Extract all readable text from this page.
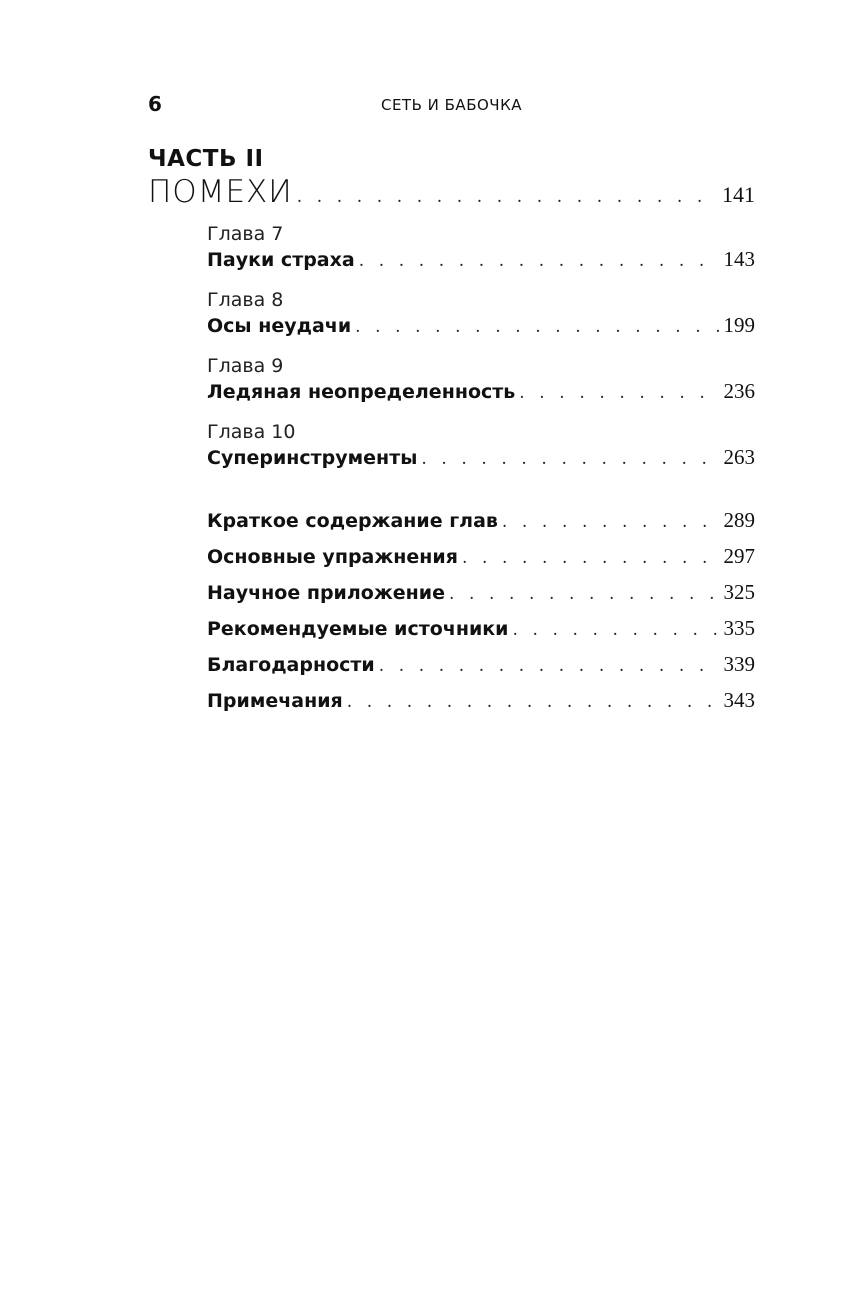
6	СЕТЬ И БАБОЧКА
ЧАСТЬ II
ПОМЕХИ . . .	141
Глава 7
Пауки страха . . .	143
Глава 8
Осы неудачи . . .	199
Глава 9
Ледяная неопределенность . . .	236
Глава 10
Суперинструменты . . .	263
Краткое содержание глав . . .	289
Основные упражнения . . .	297
Научное приложение . . .	325
Рекомендуемые источники . . .	335
Благодарности . . .	339
Примечания . . .	343
